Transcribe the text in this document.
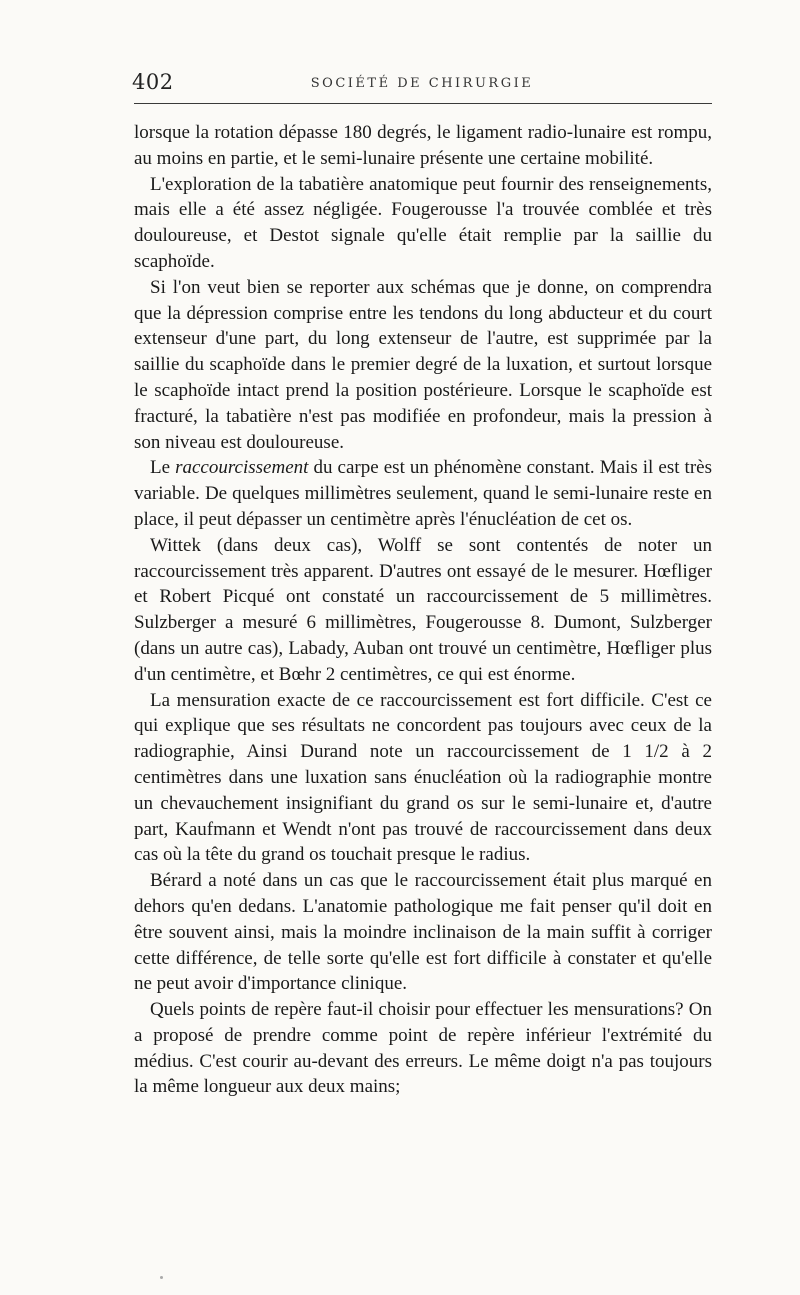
402	SOCIÉTÉ DE CHIRURGIE

lorsque la rotation dépasse 180 degrés, le ligament radio-lunaire est rompu, au moins en partie, et le semi-lunaire présente une certaine mobilité.

L'exploration de la tabatière anatomique peut fournir des renseignements, mais elle a été assez négligée. Fougerousse l'a trouvée comblée et très douloureuse, et Destot signale qu'elle était remplie par la saillie du scaphoïde.

Si l'on veut bien se reporter aux schémas que je donne, on comprendra que la dépression comprise entre les tendons du long abducteur et du court extenseur d'une part, du long extenseur de l'autre, est supprimée par la saillie du scaphoïde dans le premier degré de la luxation, et surtout lorsque le scaphoïde intact prend la position postérieure. Lorsque le scaphoïde est fracturé, la tabatière n'est pas modifiée en profondeur, mais la pression à son niveau est douloureuse.

Le raccourcissement du carpe est un phénomène constant. Mais il est très variable. De quelques millimètres seulement, quand le semi-lunaire reste en place, il peut dépasser un centimètre après l'énucléation de cet os.

Wittek (dans deux cas), Wolff se sont contentés de noter un raccourcissement très apparent. D'autres ont essayé de le mesurer. Hœfliger et Robert Picqué ont constaté un raccourcissement de 5 millimètres. Sulzberger a mesuré 6 millimètres, Fougerousse 8. Dumont, Sulzberger (dans un autre cas), Labady, Auban ont trouvé un centimètre, Hœfliger plus d'un centimètre, et Bœhr 2 centimètres, ce qui est énorme.

La mensuration exacte de ce raccourcissement est fort difficile. C'est ce qui explique que ses résultats ne concordent pas toujours avec ceux de la radiographie, Ainsi Durand note un raccourcissement de 1 1/2 à 2 centimètres dans une luxation sans énucléation où la radiographie montre un chevauchement insignifiant du grand os sur le semi-lunaire et, d'autre part, Kaufmann et Wendt n'ont pas trouvé de raccourcissement dans deux cas où la tête du grand os touchait presque le radius.

Bérard a noté dans un cas que le raccourcissement était plus marqué en dehors qu'en dedans. L'anatomie pathologique me fait penser qu'il doit en être souvent ainsi, mais la moindre inclinaison de la main suffit à corriger cette différence, de telle sorte qu'elle est fort difficile à constater et qu'elle ne peut avoir d'importance clinique.

Quels points de repère faut-il choisir pour effectuer les mensurations? On a proposé de prendre comme point de repère inférieur l'extrémité du médius. C'est courir au-devant des erreurs. Le même doigt n'a pas toujours la même longueur aux deux mains;
